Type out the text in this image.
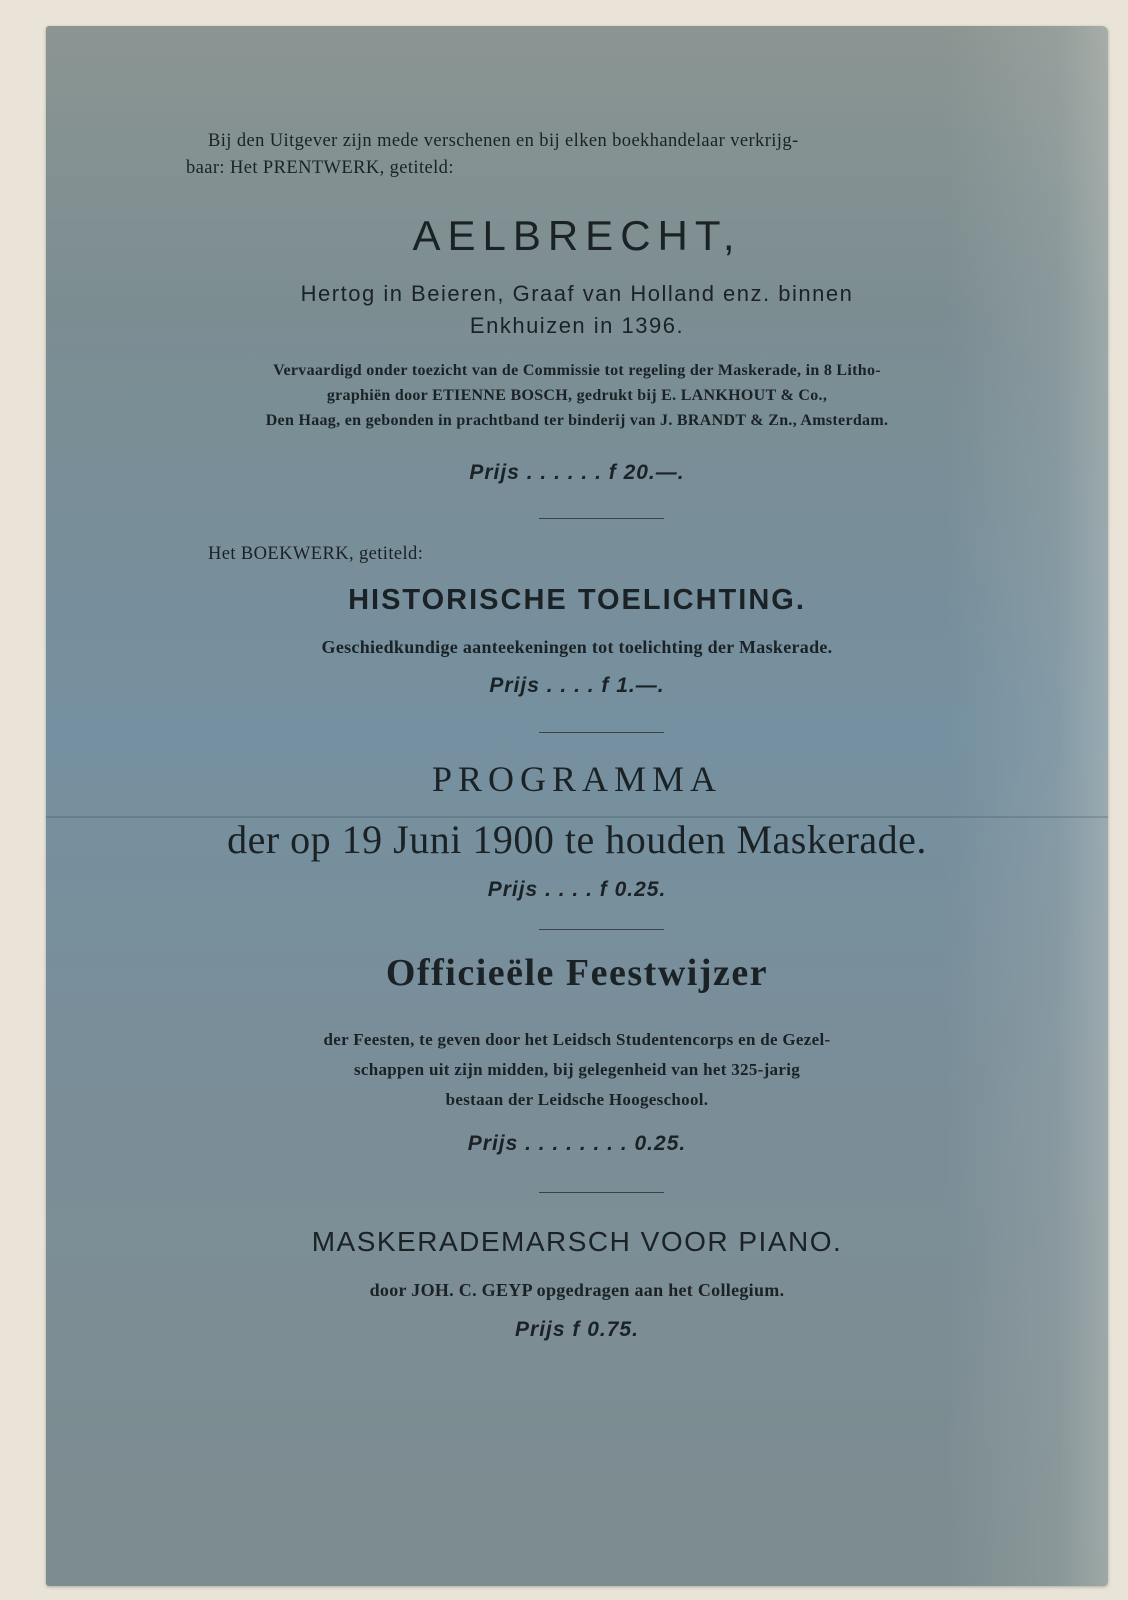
Bij den Uitgever zijn mede verschenen en bij elken boekhandelaar verkrijg-
baar: Het PRENTWERK, getiteld:
AELBRECHT,
Hertog in Beieren, Graaf van Holland enz. binnen
Enkhuizen in 1396.
Vervaardigd onder toezicht van de Commissie tot regeling der Maskerade, in 8 Litho-
graphiën door ETIENNE BOSCH, gedrukt bij E. LANKHOUT & Co.,
Den Haag, en gebonden in prachtband ter binderij van J. BRANDT & Zn., Amsterdam.
Prijs . . . . . . f 20.—.
Het BOEKWERK, getiteld:
HISTORISCHE TOELICHTING.
Geschiedkundige aanteekeningen tot toelichting der Maskerade.
Prijs . . . . f 1.—.
PROGRAMMA
der op 19 Juni 1900 te houden Maskerade.
Prijs . . . . f 0.25.
Officieële Feestwijzer
der Feesten, te geven door het Leidsch Studentencorps en de Gezel-
schappen uit zijn midden, bij gelegenheid van het 325-jarig
bestaan der Leidsche Hoogeschool.
Prijs . . . . . . . . 0.25.
MASKERADEMARSCH VOOR PIANO.
door JOH. C. GEYP opgedragen aan het Collegium.
Prijs f 0.75.
